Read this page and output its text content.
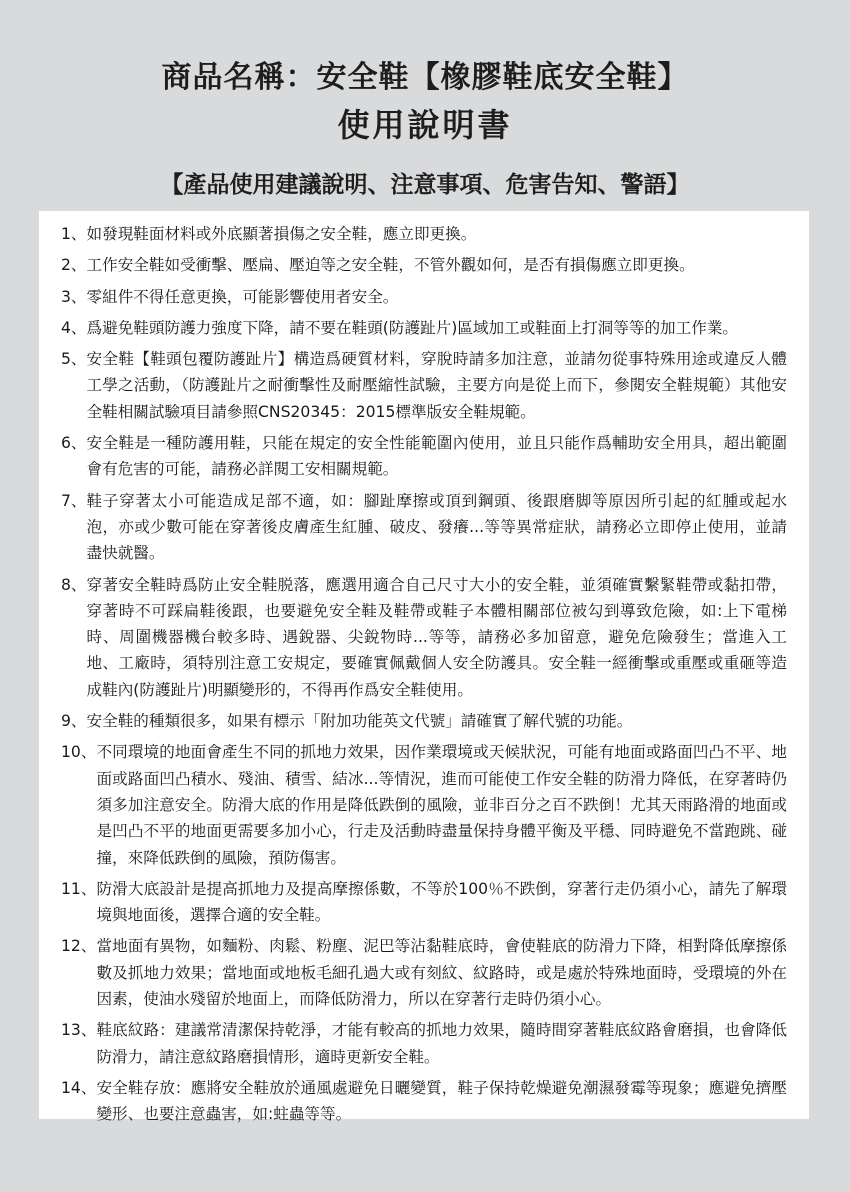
商品名稱：安全鞋【橡膠鞋底安全鞋】
使用說明書
【產品使用建議說明、注意事項、危害告知、警語】
1、 如發現鞋面材料或外底顯著損傷之安全鞋，應立即更換。
2、 工作安全鞋如受衝擊、壓扁、壓迫等之安全鞋，不管外觀如何，是否有損傷應立即更換。
3、 零組件不得任意更換，可能影響使用者安全。
4、 爲避免鞋頭防護力強度下降，請不要在鞋頭(防護趾片)區域加工或鞋面上打洞等等的加工作業。
5、 安全鞋【鞋頭包覆防護趾片】構造爲硬質材料，穿脫時請多加注意，並請勿從事特殊用途或違反人體工學之活動，（防護趾片之耐衝擊性及耐壓縮性試驗，主要方向是從上而下，參閱安全鞋規範）其他安全鞋相關試驗項目請參照CNS20345：2015標準版安全鞋規範。
6、 安全鞋是一種防護用鞋，只能在規定的安全性能範圍內使用，並且只能作爲輔助安全用具，超出範圍會有危害的可能，請務必詳閱工安相關規範。
7、 鞋子穿著太小可能造成足部不適，如：腳趾摩擦或頂到鋼頭、後跟磨脚等原因所引起的紅腫或起水泡，亦或少數可能在穿著後皮膚產生紅腫、破皮、發癢...等等異常症狀，請務必立即停止使用，並請盡快就醫。
8、 穿著安全鞋時爲防止安全鞋脱落，應選用適合自己尺寸大小的安全鞋，並須確實繫緊鞋帶或黏扣帶，穿著時不可踩扁鞋後跟，也要避免安全鞋及鞋帶或鞋子本體相關部位被勾到導致危險，如:上下電梯時、周圍機器機台較多時、遇銳器、尖銳物時...等等，請務必多加留意，避免危險發生；當進入工地、工廠時，須特別注意工安規定，要確實佩戴個人安全防護具。安全鞋一經衝擊或重壓或重砸等造成鞋內(防護趾片)明顯變形的，不得再作爲安全鞋使用。
9、 安全鞋的種類很多，如果有標示「附加功能英文代號」請確實了解代號的功能。
10、 不同環境的地面會產生不同的抓地力效果，因作業環境或天候狀況，可能有地面或路面凹凸不平、地面或路面凹凸積水、殘油、積雪、結冰...等情況，進而可能使工作安全鞋的防滑力降低，在穿著時仍須多加注意安全。防滑大底的作用是降低跌倒的風險，並非百分之百不跌倒！尤其天雨路滑的地面或是凹凸不平的地面更需要多加小心，行走及活動時盡量保持身體平衡及平穩、同時避免不當跑跳、碰撞，來降低跌倒的風險，預防傷害。
11、 防滑大底設計是提高抓地力及提高摩擦係數，不等於100％不跌倒，穿著行走仍須小心，請先了解環境與地面後，選擇合適的安全鞋。
12、 當地面有異物，如麵粉、肉鬆、粉塵、泥巴等沾黏鞋底時，會使鞋底的防滑力下降，相對降低摩擦係數及抓地力效果；當地面或地板毛細孔過大或有刻紋、紋路時，或是處於特殊地面時，受環境的外在因素，使油水殘留於地面上，而降低防滑力，所以在穿著行走時仍須小心。
13、 鞋底紋路：建議常清潔保持乾淨，才能有較高的抓地力效果，隨時間穿著鞋底紋路會磨損，也會降低防滑力，請注意紋路磨損情形，適時更新安全鞋。
14、 安全鞋存放：應將安全鞋放於通風處避免日曬變質，鞋子保持乾燥避免潮濕發霉等現象；應避免擠壓變形、也要注意蟲害，如:蛀蟲等等。
